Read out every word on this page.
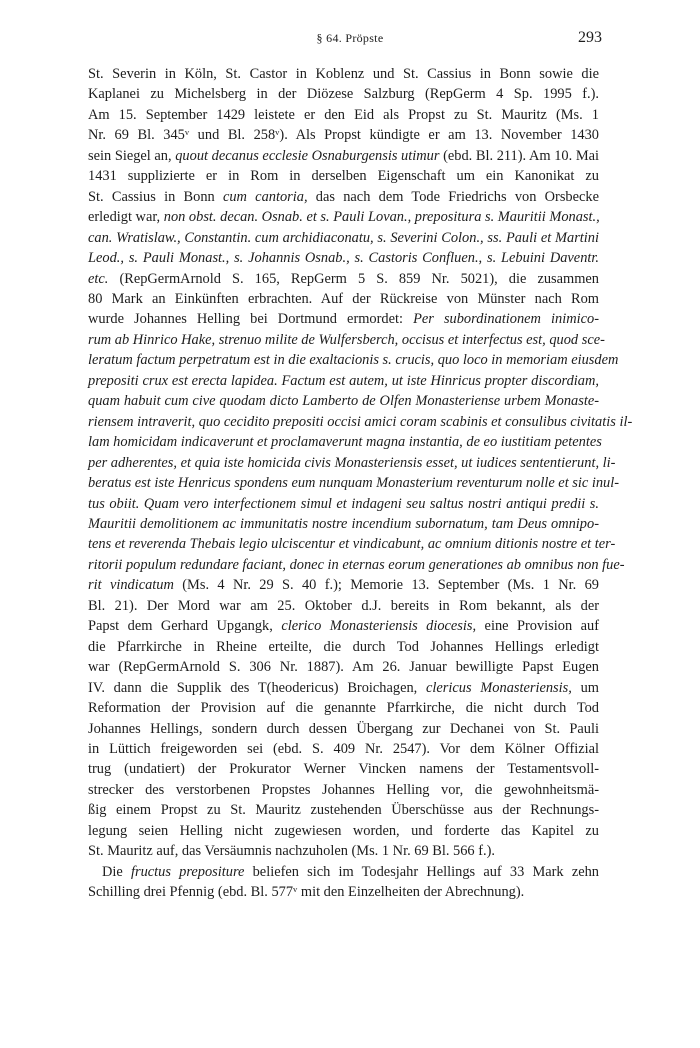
§ 64. Pröpste	293
St. Severin in Köln, St. Castor in Koblenz und St. Cassius in Bonn sowie die
Kaplanei zu Michelsberg in der Diözese Salzburg (RepGerm 4 Sp. 1995 f.).
Am 15. September 1429 leistete er den Eid als Propst zu St. Mauritz (Ms. 1
Nr. 69 Bl. 345ᵛ und Bl. 258ᵛ). Als Propst kündigte er am 13. November 1430
sein Siegel an, quout decanus ecclesie Osnaburgensis utimur (ebd. Bl. 211). Am 10. Mai
1431 supplizierte er in Rom in derselben Eigenschaft um ein Kanonikat zu
St. Cassius in Bonn cum cantoria, das nach dem Tode Friedrichs von Orsbecke
erledigt war, non obst. decan. Osnab. et s. Pauli Lovan., prepositura s. Mauritii Monast.,
can. Wratislaw., Constantin. cum archidiaconatu, s. Severini Colon., ss. Pauli et Martini
Leod., s. Pauli Monast., s. Johannis Osnab., s. Castoris Confluen., s. Lebuini Daventr.
etc. (RepGermArnold S. 165, RepGerm 5 S. 859 Nr. 5021), die zusammen
80 Mark an Einkünften erbrachten. Auf der Rückreise von Münster nach Rom
wurde Johannes Helling bei Dortmund ermordet: Per subordinationem inimico-
rum ab Hinrico Hake, strenuo milite de Wulfersberch, occisus et interfectus est, quod sce-
leratum factum perpetratum est in die exaltacionis s. crucis, quo loco in memoriam eiusdem
prepositi crux est erecta lapidea. Factum est autem, ut iste Hinricus propter discordiam,
quam habuit cum cive quodam dicto Lamberto de Olfen Monasteriense urbem Monaste-
riensem intraverit, quo cecidito prepositi occisi amici coram scabinis et consulibus civitatis il-
lam homicidam indicaverunt et proclamaverunt magna instantia, de eo iustitiam petentes
per adherentes, et quia iste homicida civis Monasteriensis esset, ut iudices sententierunt, li-
beratus est iste Henricus spondens eum nunquam Monasterium reventurum nolle et sic inul-
tus obiit. Quam vero interfectionem simul et indageni seu saltus nostri antiqui predii s.
Mauritii demolitionem ac immunitatis nostre incendium subornatum, tam Deus omnipo-
tens et reverenda Thebais legio ulciscentur et vindicabunt, ac omnium ditionis nostre et ter-
ritorii populum redundare faciant, donec in eternas eorum generationes ab omnibus non fue-
rit vindicatum (Ms. 4 Nr. 29 S. 40 f.); Memorie 13. September (Ms. 1 Nr. 69
Bl. 21). Der Mord war am 25. Oktober d.J. bereits in Rom bekannt, als der
Papst dem Gerhard Upgangk, clerico Monasteriensis diocesis, eine Provision auf
die Pfarrkirche in Rheine erteilte, die durch Tod Johannes Hellings erledigt
war (RepGermArnold S. 306 Nr. 1887). Am 26. Januar bewilligte Papst Eugen
IV. dann die Supplik des T(heodericus) Broichagen, clericus Monasteriensis, um
Reformation der Provision auf die genannte Pfarrkirche, die nicht durch Tod
Johannes Hellings, sondern durch dessen Übergang zur Dechanei von St. Pauli
in Lüttich freigeworden sei (ebd. S. 409 Nr. 2547). Vor dem Kölner Offizial
trug (undatiert) der Prokurator Werner Vincken namens der Testamentsvoll-
strecker des verstorbenen Propstes Johannes Helling vor, die gewohnheitsmä-
ßig einem Propst zu St. Mauritz zustehenden Überschüsse aus der Rechnungs-
legung seien Helling nicht zugewiesen worden, und forderte das Kapitel zu
St. Mauritz auf, das Versäumnis nachzuholen (Ms. 1 Nr. 69 Bl. 566 f.).
Die fructus prepositure beliefen sich im Todesjahr Hellings auf 33 Mark zehn
Schilling drei Pfennig (ebd. Bl. 577ᵛ mit den Einzelheiten der Abrechnung).
